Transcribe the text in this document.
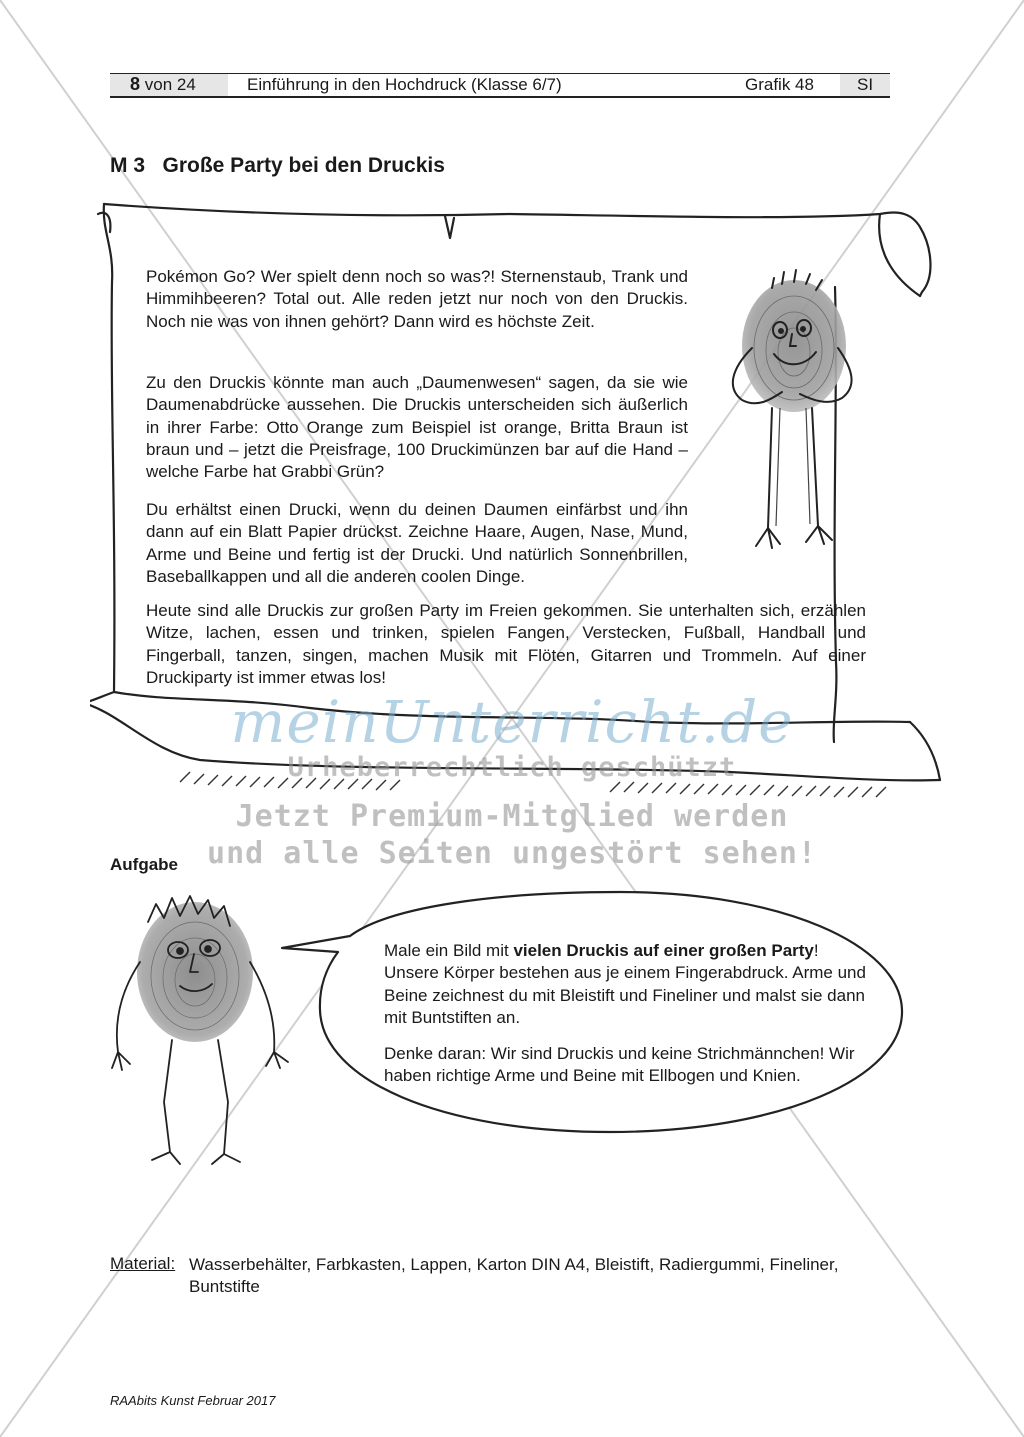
8 von 24	Einführung in den Hochdruck (Klasse 6/7)	Grafik 48	SI
M 3   Große Party bei den Druckis
Pokémon Go? Wer spielt denn noch so was?! Sternenstaub, Trank und Himmihbeeren? Total out. Alle reden jetzt nur noch von den Druckis. Noch nie was von ihnen gehört? Dann wird es höchste Zeit.
Zu den Druckis könnte man auch „Daumenwesen“ sagen, da sie wie Daumenabdrücke aussehen. Die Druckis unterscheiden sich äußerlich in ihrer Farbe: Otto Orange zum Beispiel ist orange, Britta Braun ist braun und – jetzt die Preisfrage, 100 Druckimünzen bar auf die Hand – welche Farbe hat Grabbi Grün?
Du erhältst einen Drucki, wenn du deinen Daumen einfärbst und ihn dann auf ein Blatt Papier drückst. Zeichne Haare, Augen, Nase, Mund, Arme und Beine und fertig ist der Drucki. Und natürlich Sonnenbrillen, Baseballkappen und all die anderen coolen Dinge.
Heute sind alle Druckis zur großen Party im Freien gekommen. Sie unterhalten sich, erzählen Witze, lachen, essen und trinken, spielen Fangen, Verstecken, Fußball, Handball und Fingerball, tanzen, singen, machen Musik mit Flöten, Gitarren und Trommeln. Auf einer Druckiparty ist immer etwas los!
meinUnterricht.de
Urheberrechtlich geschützt
Jetzt Premium-Mitglied werden
und alle Seiten ungestört sehen!
Aufgabe
Male ein Bild mit vielen Druckis auf einer großen Party! Unsere Körper bestehen aus je einem Fingerabdruck. Arme und Beine zeichnest du mit Bleistift und Fineliner und malst sie dann mit Buntstiften an.
Denke daran: Wir sind Druckis und keine Strichmännchen! Wir haben richtige Arme und Beine mit Ellbogen und Knien.
Material: Wasserbehälter, Farbkasten, Lappen, Karton DIN A4, Bleistift, Radiergummi, Fineliner, Buntstifte
RAAbits Kunst Februar 2017
